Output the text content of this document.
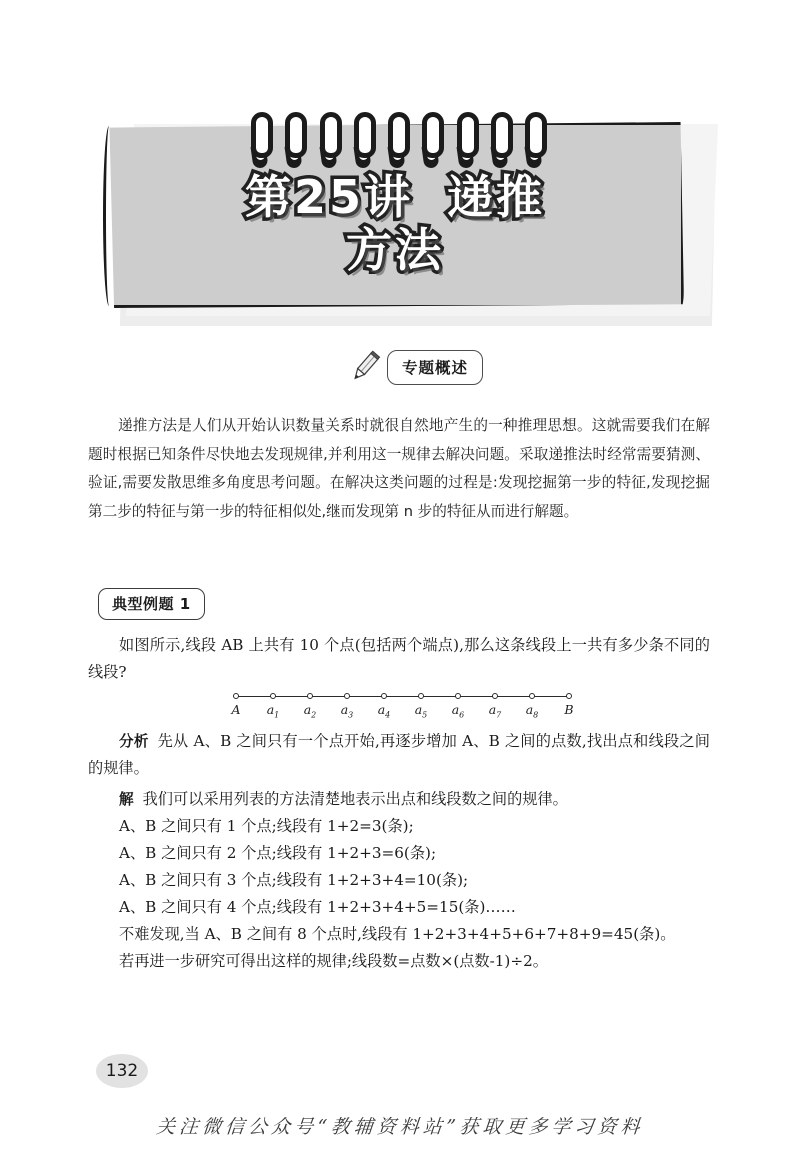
第25讲 递推
方法
专题概述
递推方法是人们从开始认识数量关系时就很自然地产生的一种推理思想。这就需要我们在解题时根据已知条件尽快地去发现规律,并利用这一规律去解决问题。采取递推法时经常需要猜测、验证,需要发散思维多角度思考问题。在解决这类问题的过程是:发现挖掘第一步的特征,发现挖掘第二步的特征与第一步的特征相似处,继而发现第 n 步的特征从而进行解题。
典型例题 1
如图所示,线段 AB 上共有 10 个点(包括两个端点),那么这条线段上一共有多少条不同的线段?
A $a_1$ $a_2$ $a_3$ $a_4$ $a_5$ $a_6$ $a_7$ $a_8$ B
分析 先从 A、B 之间只有一个点开始,再逐步增加 A、B 之间的点数,找出点和线段之间的规律。
解 我们可以采用列表的方法清楚地表示出点和线段数之间的规律。
A、B 之间只有 1 个点;线段有 1+2=3(条);
A、B 之间只有 2 个点;线段有 1+2+3=6(条);
A、B 之间只有 3 个点;线段有 1+2+3+4=10(条);
A、B 之间只有 4 个点;线段有 1+2+3+4+5=15(条)……
不难发现,当 A、B 之间有 8 个点时,线段有 1+2+3+4+5+6+7+8+9=45(条)。
若再进一步研究可得出这样的规律;线段数=点数×(点数-1)÷2。
132
关注微信公众号“教辅资料站”获取更多学习资料
